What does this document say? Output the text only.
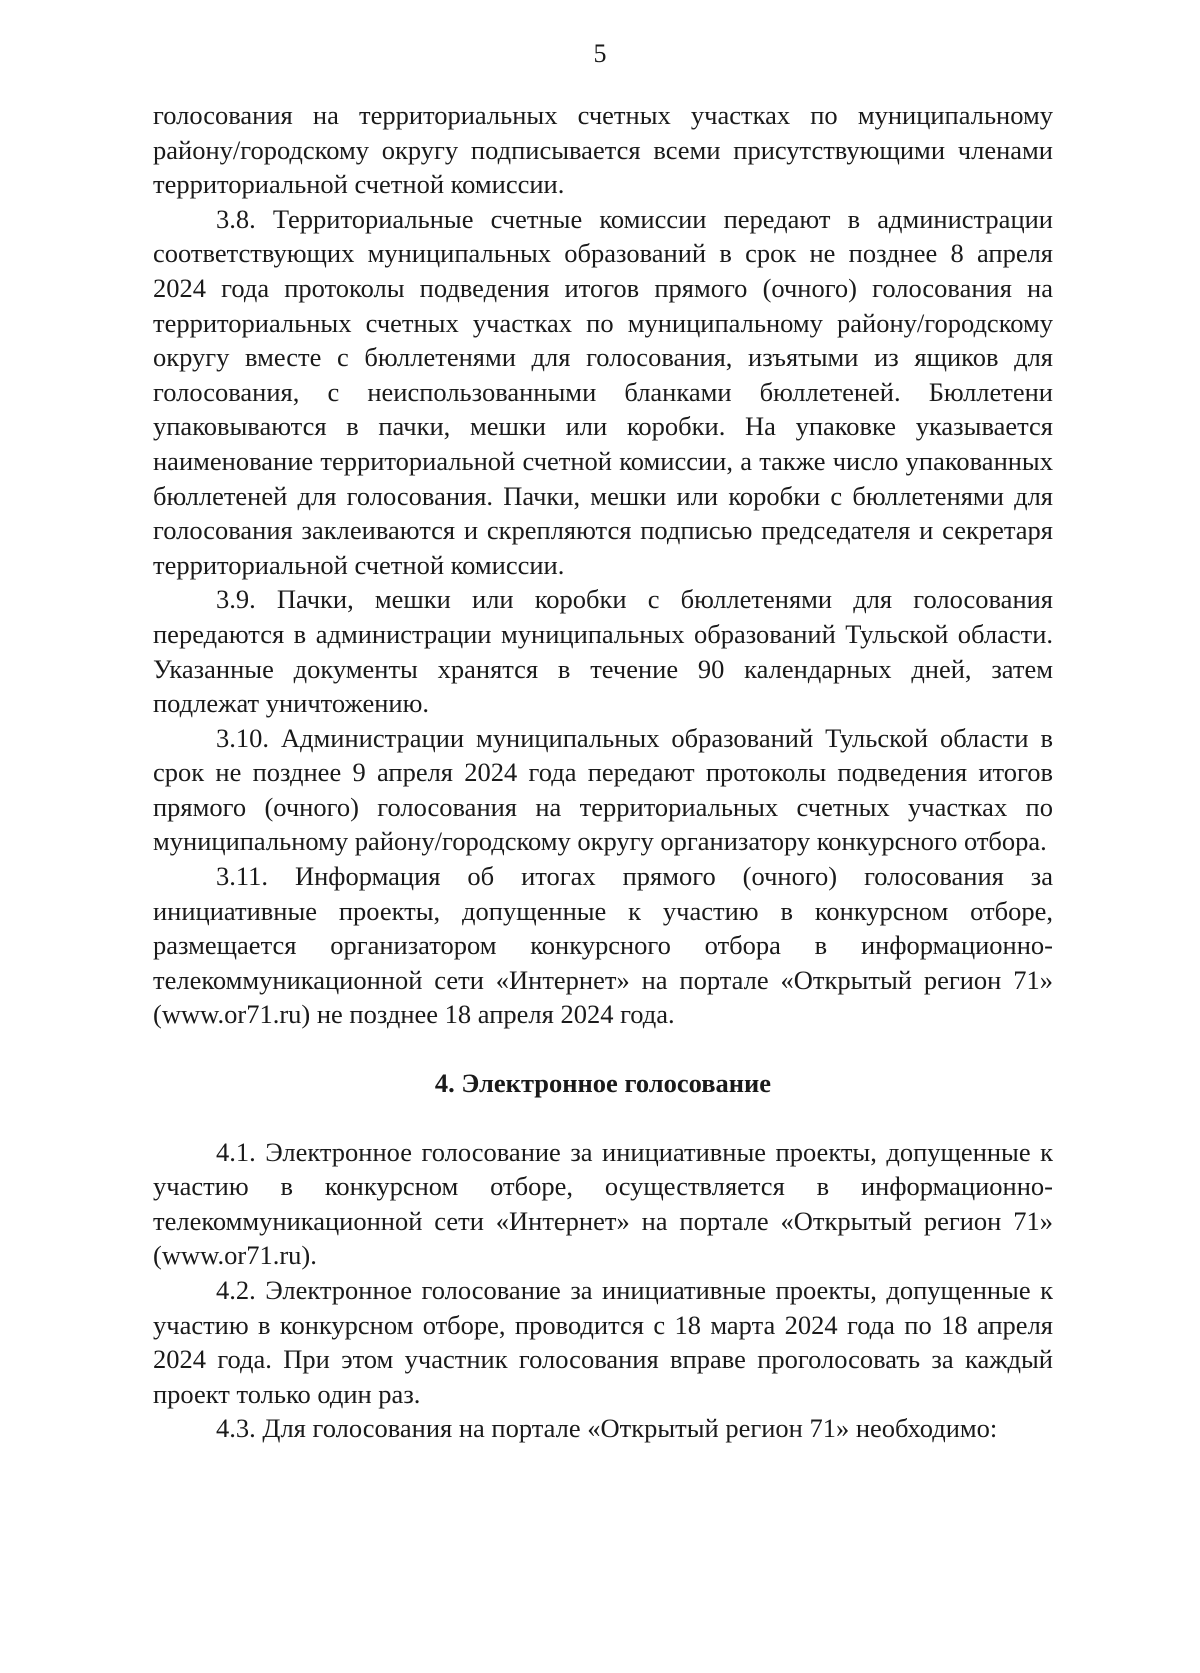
5

голосования на территориальных счетных участках по муниципальному району/городскому округу подписывается всеми присутствующими членами территориальной счетной комиссии.

3.8. Территориальные счетные комиссии передают в администрации соответствующих муниципальных образований в срок не позднее 8 апреля 2024 года протоколы подведения итогов прямого (очного) голосования на территориальных счетных участках по муниципальному району/городскому округу вместе с бюллетенями для голосования, изъятыми из ящиков для голосования, с неиспользованными бланками бюллетеней. Бюллетени упаковываются в пачки, мешки или коробки. На упаковке указывается наименование территориальной счетной комиссии, а также число упакованных бюллетеней для голосования. Пачки, мешки или коробки с бюллетенями для голосования заклеиваются и скрепляются подписью председателя и секретаря территориальной счетной комиссии.

3.9. Пачки, мешки или коробки с бюллетенями для голосования передаются в администрации муниципальных образований Тульской области. Указанные документы хранятся в течение 90 календарных дней, затем подлежат уничтожению.

3.10. Администрации муниципальных образований Тульской области в срок не позднее 9 апреля 2024 года передают протоколы подведения итогов прямого (очного) голосования на территориальных счетных участках по муниципальному району/городскому округу организатору конкурсного отбора.

3.11. Информация об итогах прямого (очного) голосования за инициативные проекты, допущенные к участию в конкурсном отборе, размещается организатором конкурсного отбора в информационно-телекоммуникационной сети «Интернет» на портале «Открытый регион 71» (www.or71.ru) не позднее 18 апреля 2024 года.

4. Электронное голосование

4.1. Электронное голосование за инициативные проекты, допущенные к участию в конкурсном отборе, осуществляется в информационно-телекоммуникационной сети «Интернет» на портале «Открытый регион 71» (www.or71.ru).

4.2. Электронное голосование за инициативные проекты, допущенные к участию в конкурсном отборе, проводится с 18 марта 2024 года по 18 апреля 2024 года. При этом участник голосования вправе проголосовать за каждый проект только один раз.

4.3. Для голосования на портале «Открытый регион 71» необходимо:
